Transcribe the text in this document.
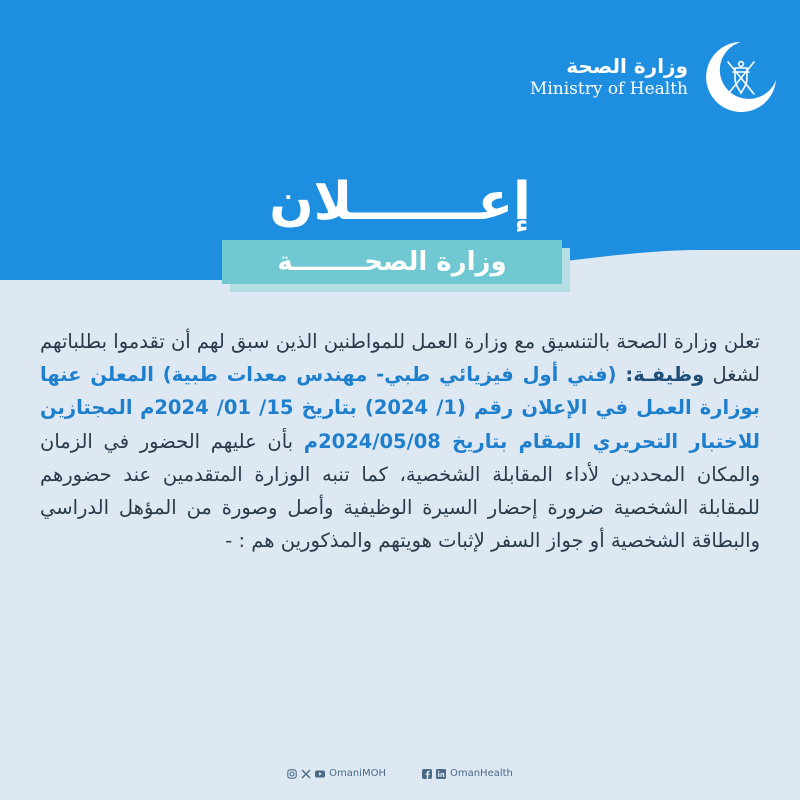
وزارة الصحة
Ministry of Health
إعـــــــلان
وزارة الصحــــــــة
تعلن وزارة الصحة بالتنسيق مع وزارة العمل للمواطنين الذين سبق لهم أن تقدموا بطلباتهم لشغل وظيفـة: (فني أول فيزيائي طبي- مهندس معدات طبية) المعلن عنها بوزارة العمل في الإعلان رقم (1/ 2024) بتاريخ 15/ 01/ 2024م المجتازين للاختبار التحريري المقام بتاريخ 2024/05/08م بأن عليهم الحضور في الزمان والمكان المحددين لأداء المقابلة الشخصية، كما تنبه الوزارة المتقدمين عند حضورهم للمقابلة الشخصية ضرورة إحضار السيرة الوظيفية وأصل وصورة من المؤهل الدراسي والبطاقة الشخصية أو جواز السفر لإثبات هويتهم والمذكورين هم : -
OmaniMOH	OmanHealth
